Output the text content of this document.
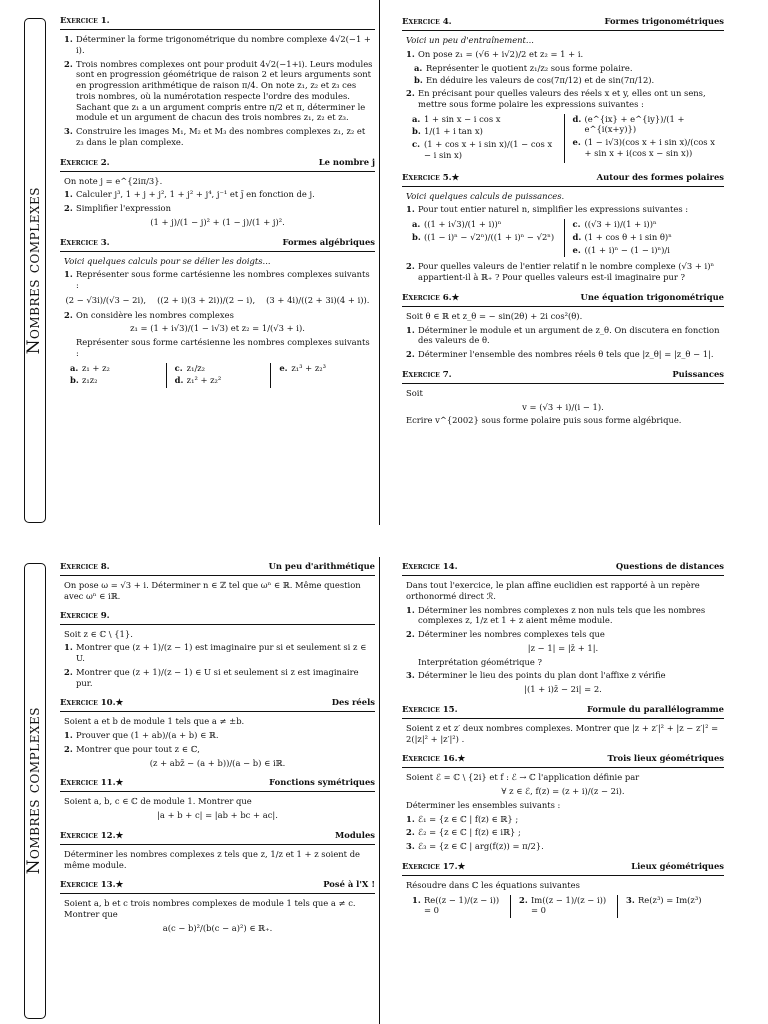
Nombres complexes
Exercice 1.
1. Déterminer la forme trigonométrique du nombre complexe 4√2(−1 + i).
2. Trois nombres complexes ont pour produit 4√2(−1+i). Leurs modules sont en progression géométrique de raison 2 et leurs arguments sont en progression arithmétique de raison π/4. On note z₁, z₂ et z₃ ces trois nombres, où la numérotation respecte l'ordre des modules. Sachant que z₁ a un argument compris entre π/2 et π, déterminer le module et un argument de chacun des trois nombres z₁, z₂ et z₃.
3. Construire les images M₁, M₂ et M₃ des nombres complexes z₁, z₂ et z₃ dans le plan complexe.
Exercice 2.	Le nombre j
On note j = e^{2iπ/3}.
1. Calculer j³, 1 + j + j², 1 + j² + j⁴, j⁻¹ et j̄ en fonction de j.
2. Simplifier l'expression
(1 + j)/(1 − j)² + (1 − j)/(1 + j)².
Exercice 3.	Formes algébriques
Voici quelques calculs pour se délier les doigts...
1. Représenter sous forme cartésienne les nombres complexes suivants :
(2 − √3i)/(√3 − 2i), ((2 + i)(3 + 2i))/(2 − i), (3 + 4i)/((2 + 3i)(4 + i)).
2. On considère les nombres complexes
z₁ = (1 + i√3)/(1 − i√3) et z₂ = 1/(√3 + i).
Représenter sous forme cartésienne les nombres complexes suivants :
a. z₁ + z₂
b. z₁z₂
c. z₁/z₂
d. z₁² + z₂²
e. z₁³ + z₂³
Exercice 4.	Formes trigonométriques
Voici un peu d'entraînement...
1. On pose z₁ = (√6 + i√2)/2 et z₂ = 1 + i.
a. Représenter le quotient z₁/z₂ sous forme polaire.
b. En déduire les valeurs de cos(7π/12) et de sin(7π/12).
2. En précisant pour quelles valeurs des réels x et y, elles ont un sens, mettre sous forme polaire les expressions suivantes :
a. 1 + sin x − i cos x
b. 1/(1 + i tan x)
c. (1 + cos x + i sin x)/(1 − cos x − i sin x)
d. (e^{ix} + e^{iy})/(1 + e^{i(x+y)})
e. (1 − i√3)(cos x + i sin x)/(cos x + sin x + i(cos x − sin x))
Exercice 5.★	Autour des formes polaires
Voici quelques calculs de puissances.
1. Pour tout entier naturel n, simplifier les expressions suivantes :
a. ((1 + i√3)/(1 + i))ⁿ
b. ((1 − i)ⁿ − √2ⁿ)/((1 + i)ⁿ − √2ⁿ)
c. ((√3 + i)/(1 + i))ⁿ
d. (1 + cos θ + i sin θ)ⁿ
e. ((1 + i)ⁿ − (1 − i)ⁿ)/i
2. Pour quelles valeurs de l'entier relatif n le nombre complexe (√3 + i)ⁿ appartient-il à ℝ₊ ? Pour quelles valeurs est-il imaginaire pur ?
Exercice 6.★	Une équation trigonométrique
Soit θ ∈ ℝ et z_θ = − sin(2θ) + 2i cos²(θ).
1. Déterminer le module et un argument de z_θ. On discutera en fonction des valeurs de θ.
2. Déterminer l'ensemble des nombres réels θ tels que |z_θ| = |z_θ − 1|.
Exercice 7.	Puissances
Soit
v = (√3 + i)/(i − 1).
Ecrire v^{2002} sous forme polaire puis sous forme algébrique.
Nombres complexes
Exercice 8.	Un peu d'arithmétique
On pose ω = √3 + i. Déterminer n ∈ ℤ tel que ωⁿ ∈ ℝ. Même question avec ωⁿ ∈ iℝ.
Exercice 9.
Soit z ∈ ℂ \ {1}.
1. Montrer que (z + 1)/(z − 1) est imaginaire pur si et seulement si z ∈ U.
2. Montrer que (z + 1)/(z − 1) ∈ U si et seulement si z est imaginaire pur.
Exercice 10.★	Des réels
Soient a et b de module 1 tels que a ≠ ±b.
1. Prouver que (1 + ab)/(a + b) ∈ ℝ.
2. Montrer que pour tout z ∈ ℂ,
(z + abz̄ − (a + b))/(a − b) ∈ iℝ.
Exercice 11.★	Fonctions symétriques
Soient a, b, c ∈ ℂ de module 1. Montrer que
|a + b + c| = |ab + bc + ac|.
Exercice 12.★	Modules
Déterminer les nombres complexes z tels que z, 1/z et 1 + z soient de même module.
Exercice 13.★	Posé à l'X !
Soient a, b et c trois nombres complexes de module 1 tels que a ≠ c. Montrer que
a(c − b)²/(b(c − a)²) ∈ ℝ₊.
Exercice 14.	Questions de distances
Dans tout l'exercice, le plan affine euclidien est rapporté à un repère orthonormé direct ℛ.
1. Déterminer les nombres complexes z non nuls tels que les nombres complexes z, 1/z et 1 + z aient même module.
2. Déterminer les nombres complexes tels que
|z − 1| = |z̄ + 1|.
Interprétation géométrique ?
3. Déterminer le lieu des points du plan dont l'affixe z vérifie
|(1 + i)z̄ − 2i| = 2.
Exercice 15.	Formule du parallélogramme
Soient z et z′ deux nombres complexes. Montrer que |z + z′|² + |z − z′|² = 2(|z|² + |z′|²) .
Exercice 16.★	Trois lieux géométriques
Soient ℰ = ℂ \ {2i} et f : ℰ → ℂ l'application définie par
∀ z ∈ ℰ, f(z) = (z + i)/(z − 2i).
Déterminer les ensembles suivants :
1. ℰ₁ = {z ∈ ℂ | f(z) ∈ ℝ} ;
2. ℰ₂ = {z ∈ ℂ | f(z) ∈ iℝ} ;
3. ℰ₃ = {z ∈ ℂ | arg(f(z)) = π/2}.
Exercice 17.★	Lieux géométriques
Résoudre dans ℂ les équations suivantes
1. Re((z − 1)/(z − i)) = 0
2. Im((z − 1)/(z − i)) = 0
3. Re(z³) = Im(z³)
